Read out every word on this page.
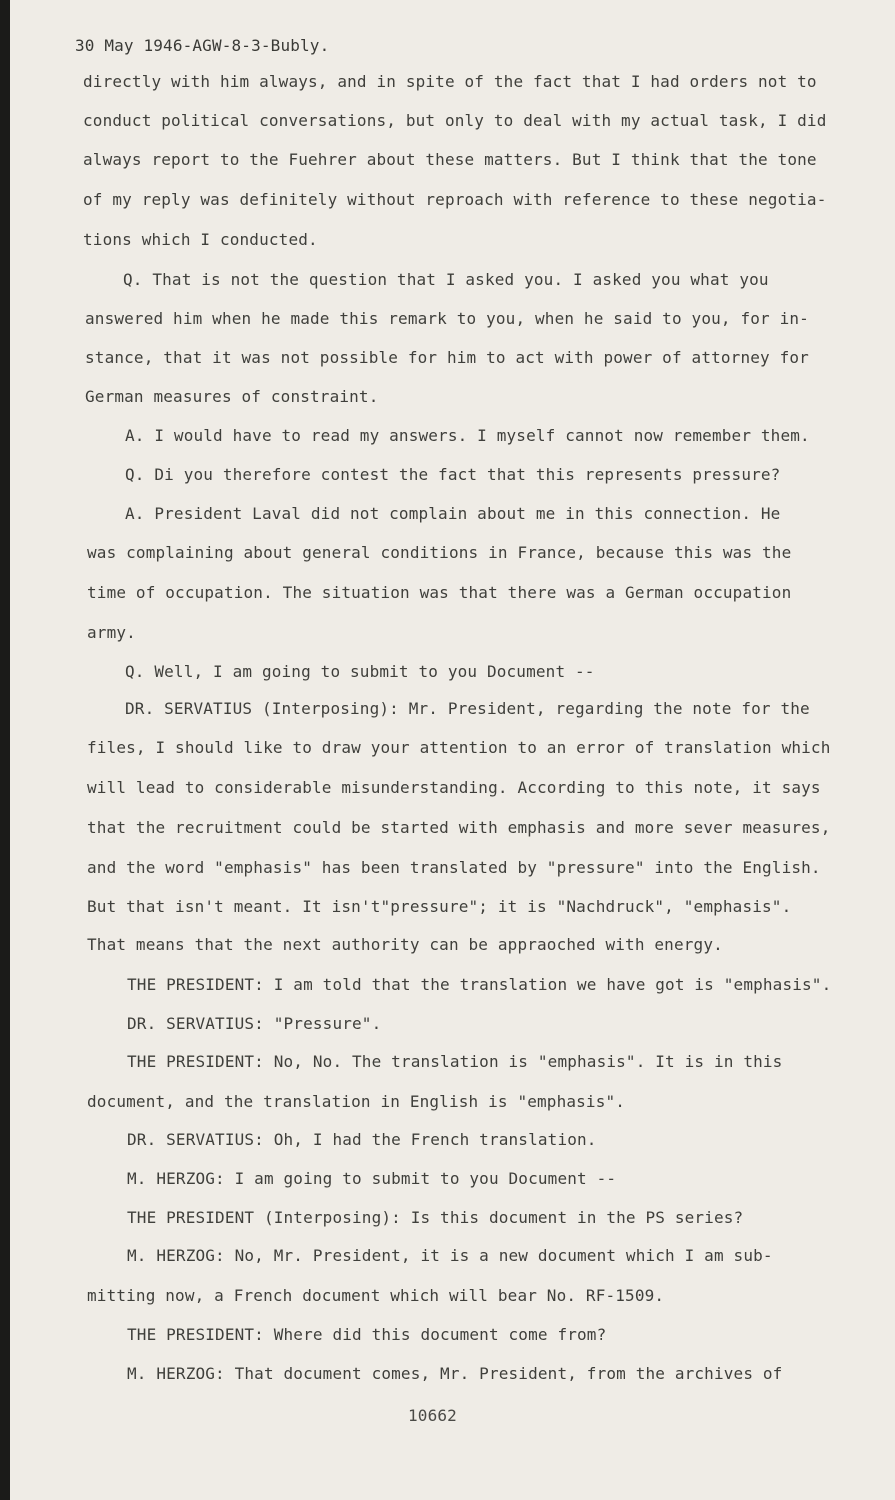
30 May 1946-AGW-8-3-Bubly.
directly with him always, and in spite of the fact that I had orders not to
conduct political conversations, but only to deal with my actual task, I did
always report to the Fuehrer about these matters. But I think that the tone
of my reply was definitely without reproach with reference to these negotia-
tions which I conducted.
Q. That is not the question that I asked you. I asked you what you
answered him when he made this remark to you, when he said to you, for in-
stance, that it was not possible for him to act with power of attorney for
German measures of constraint.
A. I would have to read my answers. I myself cannot now remember them.
Q. Di you therefore contest the fact that this represents pressure?
A. President Laval did not complain about me in this connection. He
was complaining about general conditions in France, because this was the
time of occupation. The situation was that there was a German occupation
army.
Q. Well, I am going to submit to you Document --
DR. SERVATIUS (Interposing): Mr. President, regarding the note for the
files, I should like to draw your attention to an error of translation which
will lead to considerable misunderstanding. According to this note, it says
that the recruitment could be started with emphasis and more sever measures,
and the word "emphasis" has been translated by "pressure" into the English.
But that isn't meant. It isn't"pressure"; it is "Nachdruck", "emphasis".
That means that the next authority can be appraoched with energy.
THE PRESIDENT: I am told that the translation we have got is "emphasis".
DR. SERVATIUS: "Pressure".
THE PRESIDENT: No, No. The translation is "emphasis". It is in this
document, and the translation in English is "emphasis".
DR. SERVATIUS: Oh, I had the French translation.
M. HERZOG: I am going to submit to you Document --
THE PRESIDENT (Interposing): Is this document in the PS series?
M. HERZOG: No, Mr. President, it is a new document which I am sub-
mitting now, a French document which will bear No. RF-1509.
THE PRESIDENT: Where did this document come from?
M. HERZOG: That document comes, Mr. President, from the archives of
10662
